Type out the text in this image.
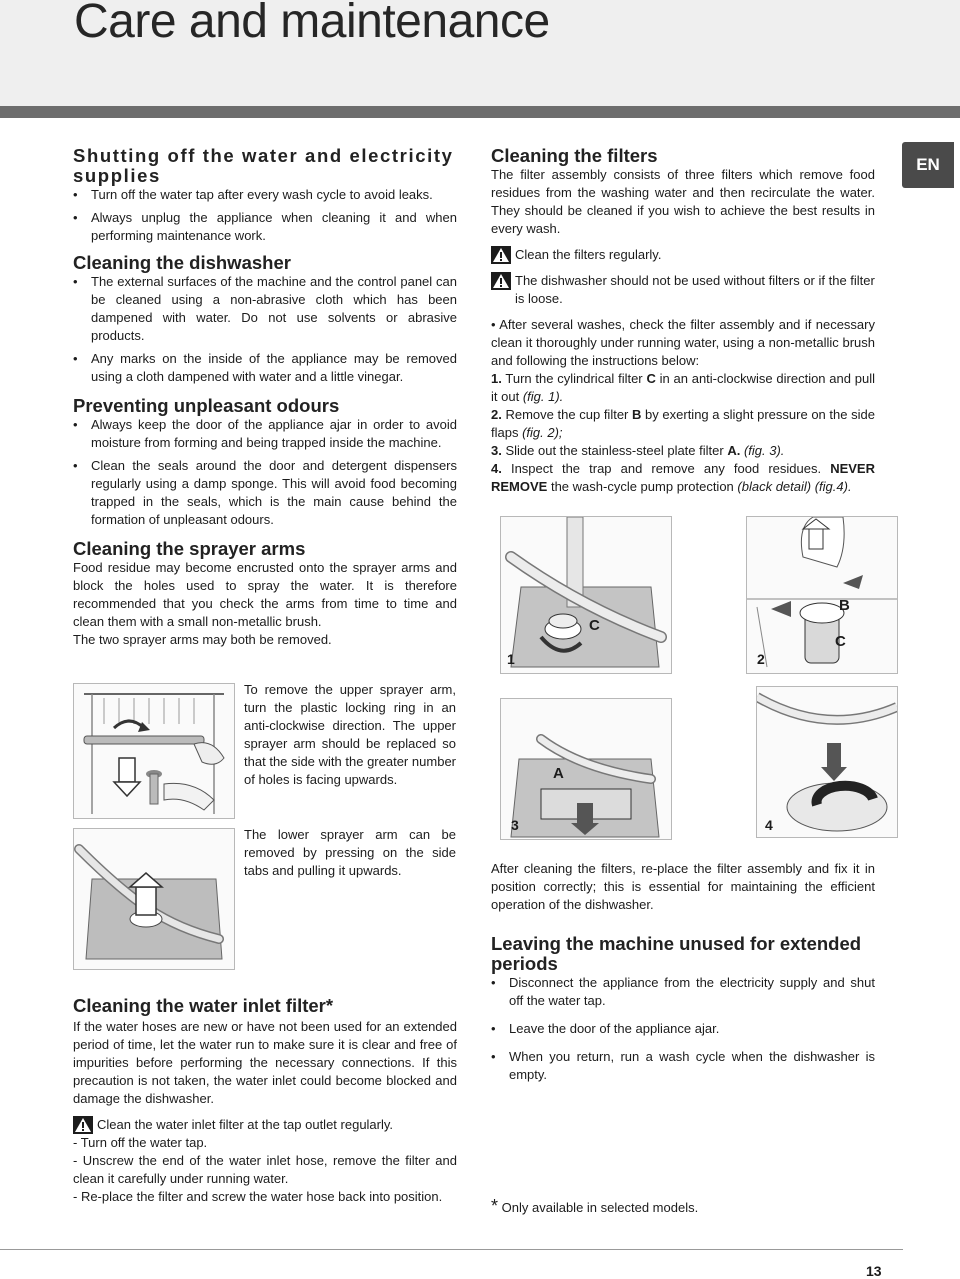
Care and maintenance
EN
Shutting off the water and electricity supplies
• Turn off the water tap after every wash cycle to avoid leaks.
• Always unplug the appliance when cleaning it and when performing maintenance work.
Cleaning the dishwasher
• The external surfaces of the machine and the control panel can be cleaned using a non-abrasive cloth which has been dampened with water. Do not use solvents or abrasive products.
• Any marks on the inside of the appliance may be removed using a cloth dampened with water and a little vinegar.
Preventing unpleasant odours
• Always keep the door of the appliance ajar in order to avoid moisture from forming and being trapped inside the machine.
• Clean the seals around the door and detergent dispensers regularly using a damp sponge. This will avoid food becoming trapped in the seals, which is the main cause behind the formation of unpleasant odours.
Cleaning the sprayer arms

Food residue may become encrusted onto the sprayer arms and block the holes used to spray the water. It is therefore recommended that you check the arms from time to time and clean them with a small non-metallic brush.

The two sprayer arms may both be removed.

To remove the upper sprayer arm, turn the plastic locking ring in an anti-clockwise direction. The upper sprayer arm should be replaced so that the side with the greater number of holes is facing upwards.
The lower sprayer arm can be removed by pressing on the side tabs and pulling it upwards.
Cleaning the water inlet filter*

If the water hoses are new or have not been used for an extended period of time, let the water run to make sure it is clear and free of impurities before performing the necessary connections. If this precaution is not taken, the water inlet could become blocked and damage the dishwasher.

Clean the water inlet filter at the tap outlet regularly.

- Turn off the water tap.

- Unscrew the end of the water inlet hose, remove the filter and clean it carefully under running water.

- Re-place the filter and screw the water hose back into position.

Cleaning the filters

The filter assembly consists of three filters which remove food residues from the washing water and then recirculate the water. They should be cleaned if you wish to achieve the best results in every wash.

Clean the filters regularly.
The dishwasher should not be used without filters or if the filter is loose.

• After several washes, check the filter assembly and if necessary clean it thoroughly under running water, using a non-metallic brush and following the instructions below:

1. Turn the cylindrical filter C in an anti-clockwise direction and pull it out (fig. 1).

2. Remove the cup filter B by exerting a slight pressure on the side flaps (fig. 2);

3. Slide out the stainless-steel plate filter A. (fig. 3).

4. Inspect the trap and remove any food residues. NEVER REMOVE the wash-cycle pump protection (black detail) (fig.4).

C
1
B
C
2
A
3	4

After cleaning the filters, re-place the filter assembly and fix it in position correctly; this is essential for maintaining the efficient operation of the dishwasher.

Leaving the machine unused for extended periods
• Disconnect the appliance from the electricity supply and shut off the water tap.
• Leave the door of the appliance ajar.
• When you return, run a wash cycle when the dishwasher is empty.
* Only available in selected models.
13
